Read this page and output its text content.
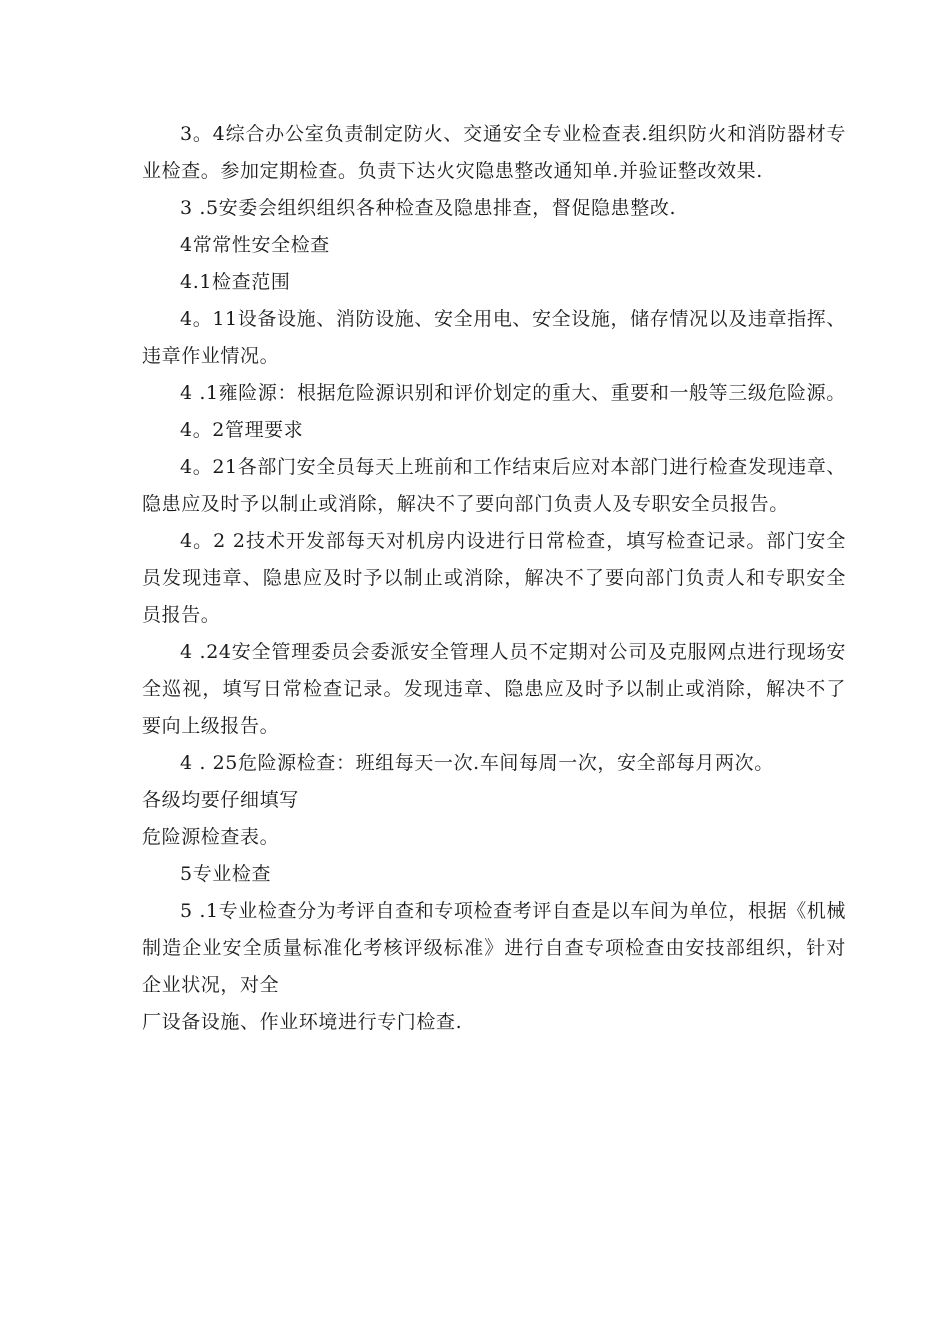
3。4综合办公室负责制定防火、交通安全专业检查表.组织防火和消防器材专业检查。参加定期检查。负责下达火灾隐患整改通知单.并验证整改效果.

3 .5安委会组织组织各种检查及隐患排查，督促隐患整改.

4常常性安全检查

4.1检查范围

4。11设备设施、消防设施、安全用电、安全设施，储存情况以及违章指挥、违章作业情况。

4 .1雍险源：根据危险源识别和评价划定的重大、重要和一般等三级危险源。

4。2管理要求

4。21各部门安全员每天上班前和工作结束后应对本部门进行检查发现违章、隐患应及时予以制止或消除，解决不了要向部门负责人及专职安全员报告。

4。2 2技术开发部每天对机房内设进行日常检查，填写检查记录。部门安全员发现违章、隐患应及时予以制止或消除，解决不了要向部门负责人和专职安全员报告。

4 .24安全管理委员会委派安全管理人员不定期对公司及克服网点进行现场安全巡视，填写日常检查记录。发现违章、隐患应及时予以制止或消除，解决不了要向上级报告。

4 . 25危险源检查：班组每天一次.车间每周一次，安全部每月两次。

各级均要仔细填写

危险源检查表。

5专业检查

5 .1专业检查分为考评自查和专项检查考评自查是以车间为单位，根据《机械制造企业安全质量标准化考核评级标准》进行自查专项检查由安技部组织，针对企业状况，对全

厂设备设施、作业环境进行专门检查.
